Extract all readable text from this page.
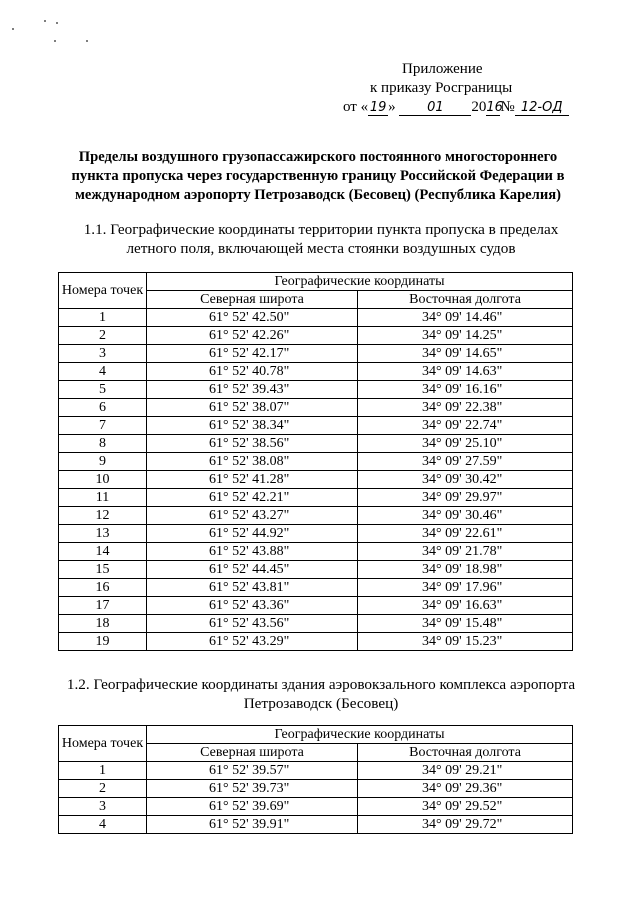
Приложение
к приказу Росграницы
от « 19 » 01 2016№ 12-ОД
Пределы воздушного грузопассажирского постоянного многостороннего пункта пропуска через государственную границу Российской Федерации в международном аэропорту Петрозаводск (Бесовец) (Республика Карелия)
1.1. Географические координаты территории пункта пропуска в пределах летного поля, включающей места стоянки воздушных судов
Номера точек	Географические координаты	
	Северная широта	Восточная долгота
1	61° 52' 42.50"	34° 09' 14.46"
2	61° 52' 42.26"	34° 09' 14.25"
3	61° 52' 42.17"	34° 09' 14.65"
4	61° 52' 40.78"	34° 09' 14.63"
5	61° 52' 39.43"	34° 09' 16.16"
6	61° 52' 38.07"	34° 09' 22.38"
7	61° 52' 38.34"	34° 09' 22.74"
8	61° 52' 38.56"	34° 09' 25.10"
9	61° 52' 38.08"	34° 09' 27.59"
10	61° 52' 41.28"	34° 09' 30.42"
11	61° 52' 42.21"	34° 09' 29.97"
12	61° 52' 43.27"	34° 09' 30.46"
13	61° 52' 44.92"	34° 09' 22.61"
14	61° 52' 43.88"	34° 09' 21.78"
15	61° 52' 44.45"	34° 09' 18.98"
16	61° 52' 43.81"	34° 09' 17.96"
17	61° 52' 43.36"	34° 09' 16.63"
18	61° 52' 43.56"	34° 09' 15.48"
19	61° 52' 43.29"	34° 09' 15.23"
1.2. Географические координаты здания аэровокзального комплекса аэропорта Петрозаводск (Бесовец)
Номера точек	Географические координаты	
	Северная широта	Восточная долгота
1	61° 52' 39.57"	34° 09' 29.21"
2	61° 52' 39.73"	34° 09' 29.36"
3	61° 52' 39.69"	34° 09' 29.52"
4	61° 52' 39.91"	34° 09' 29.72"
